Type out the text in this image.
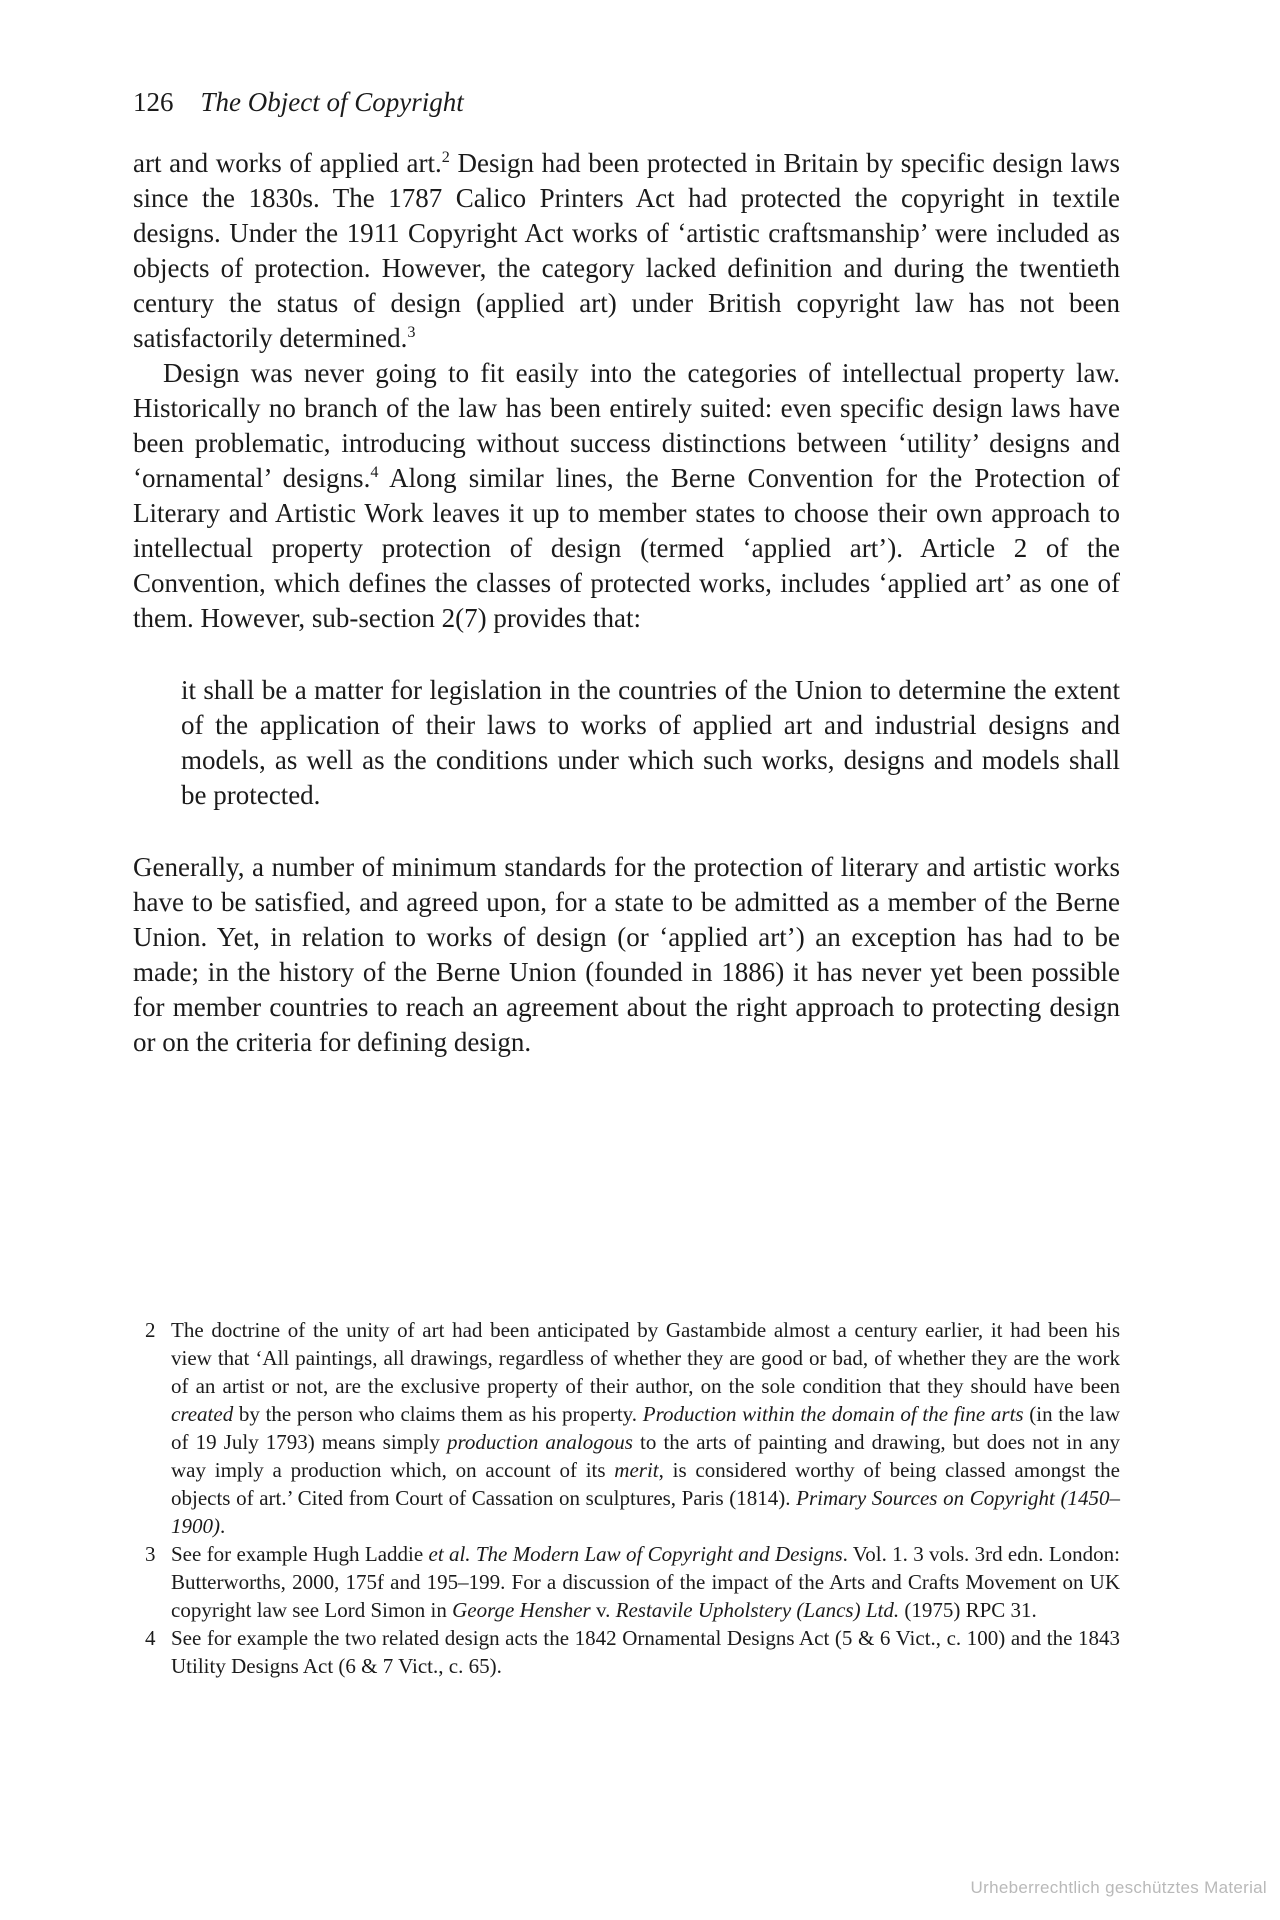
126 The Object of Copyright

art and works of applied art.$^2$ Design had been protected in Britain by specific design laws since the 1830s. The 1787 Calico Printers Act had protected the copyright in textile designs. Under the 1911 Copyright Act works of ‘artistic craftsmanship’ were included as objects of protection. However, the category lacked definition and during the twentieth century the status of design (applied art) under British copyright law has not been satisfactorily determined.$^3$

Design was never going to fit easily into the categories of intellectual property law. Historically no branch of the law has been entirely suited: even specific design laws have been problematic, introducing without success distinctions between ‘utility’ designs and ‘ornamental’ designs.$^4$ Along similar lines, the Berne Convention for the Protection of Literary and Artistic Work leaves it up to member states to choose their own approach to intellectual property protection of design (termed ‘applied art’). Article 2 of the Convention, which defines the classes of protected works, includes ‘applied art’ as one of them. However, sub-section 2(7) provides that:

it shall be a matter for legislation in the countries of the Union to determine the extent of the application of their laws to works of applied art and industrial designs and models, as well as the conditions under which such works, designs and models shall be protected.

Generally, a number of minimum standards for the protection of literary and artistic works have to be satisfied, and agreed upon, for a state to be admitted as a member of the Berne Union. Yet, in relation to works of design (or ‘applied art’) an exception has had to be made; in the history of the Berne Union (founded in 1886) it has never yet been possible for member countries to reach an agreement about the right approach to protecting design or on the criteria for defining design.

2 The doctrine of the unity of art had been anticipated by Gastambide almost a century earlier, it had been his view that ‘All paintings, all drawings, regardless of whether they are good or bad, of whether they are the work of an artist or not, are the exclusive property of their author, on the sole condition that they should have been created by the person who claims them as his property. Production within the domain of the fine arts (in the law of 19 July 1793) means simply production analogous to the arts of painting and drawing, but does not in any way imply a production which, on account of its merit, is considered worthy of being classed amongst the objects of art.’ Cited from Court of Cassation on sculptures, Paris (1814). Primary Sources on Copyright (1450–1900).
3 See for example Hugh Laddie et al. The Modern Law of Copyright and Designs. Vol. 1. 3 vols. 3rd edn. London: Butterworths, 2000, 175f and 195–199. For a discussion of the impact of the Arts and Crafts Movement on UK copyright law see Lord Simon in George Hensher v. Restavile Upholstery (Lancs) Ltd. (1975) RPC 31.
4 See for example the two related design acts the 1842 Ornamental Designs Act (5 & 6 Vict., c. 100) and the 1843 Utility Designs Act (6 & 7 Vict., c. 65).
Urheberrechtlich geschütztes Material
